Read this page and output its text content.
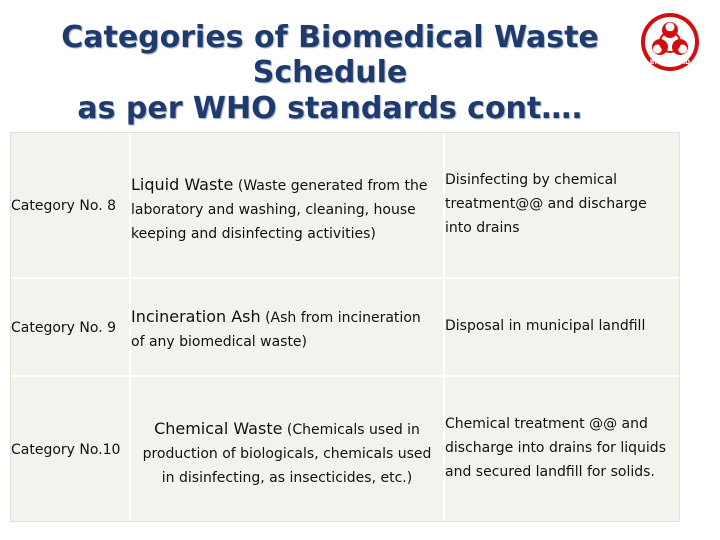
Categories of Biomedical Waste Schedule
as per WHO standards cont….
BIOHAZARD
Category No. 8
Liquid Waste (Waste generated from the
laboratory and washing, cleaning, house
keeping and disinfecting activities)
Disinfecting by chemical
treatment@@ and discharge
into drains
Category No. 9
Incineration Ash (Ash from incineration
of any biomedical waste)
Disposal in municipal landfill
Category No.10
Chemical Waste (Chemicals used in
production of biologicals, chemicals used
in disinfecting, as insecticides, etc.)
Chemical treatment @@ and
discharge into drains for liquids
and secured landfill for solids.
